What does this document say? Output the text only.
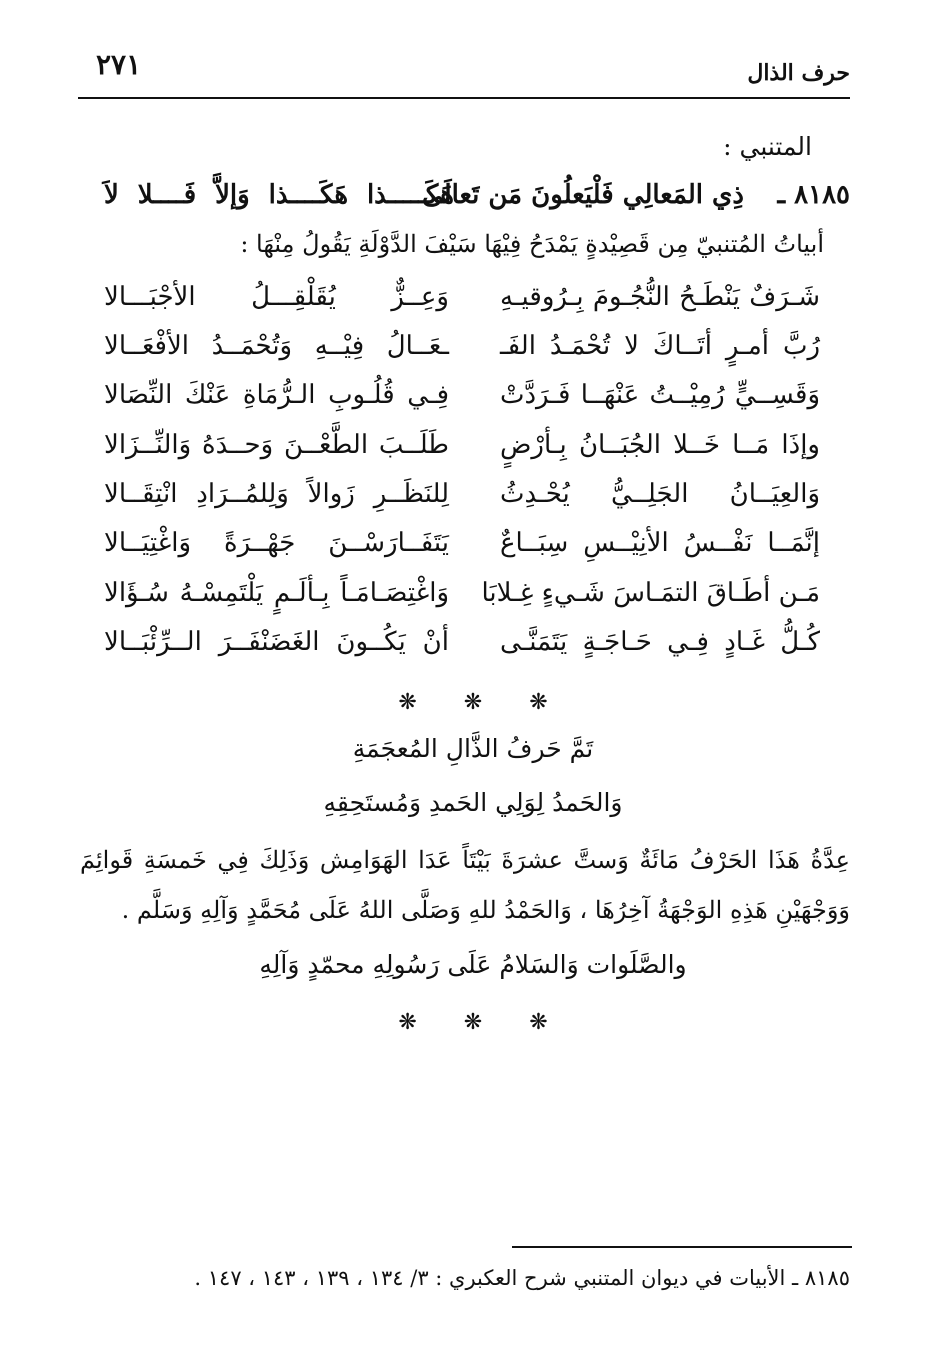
حرف الذال
٢٧١
المتنبي :
٨١٨٥ ـ
ذِي المَعالِي فَلْيَعلُونَ مَن تَعالَى
هَكَـــــذا هَكَــــذا وَإلاَّ فَــــلا لاَ
أبياتُ المُتنبيّ مِن قَصِيْدةٍ يَمْدَحُ فِيْهَا سَيْفَ الدَّوْلَةِ يَقُولُ مِنْهَا :
شَـرَفٌ يَنْطَـحُ النُّجُـومَ بِـرُوقيـهِ
وَعِــزٌّ يُقَلْقِـــلُ الأجْبَـــالا
رُبَّ أمـرٍ أتَــاكَ لا تُحْمَـدُ الفَـ
ـعَــالُ فِيْــهِ وَتُحْمَــدُ الأفْعَــالا
وَقَسِــيٍّ رُمِيْــتُ عَنْهَــا فَـرَدَّتْ
فِـي قُلُـوبِ الـرُّمَاةِ عَنْكَ النِّصَالا
وإذَا مَــا خَــلا الجُبَــانُ بِـأرْضٍ
طَلَــبَ الطَّعْــنَ وَحــدَهُ وَالنِّــزَالا
وَالعِيَــانُ الجَلِــيُّ يُحْـدِثُ
لِلنَظَــرِ زَوالاً وَلِلمُــرَادِ انْتِقَــالا
إنَّمَــا نَفْــسُ الأنِيْــسِ سِبَــاعٌ
يَتَفَــارَسْــنَ جَهْــرَةً وَاغْتِيَــالا
مَـن أطَـاقَ التمَـاسَ شَـيءٍ غِـلابَا
وَاغْتِصَـامَـاً بِـألَـمٍ يَلْتَمِسْـهُ سُـؤَالا
كُـلُّ غَـادٍ فِـي حَـاجَـةٍ يَتَمَنَّـى
أنْ يَكُــونَ الغَضَنْفَــرَ الــرِّئْبَــالا
❋ ❋ ❋
تَمَّ حَرفُ الذَّالِ المُعجَمَةِ
وَالحَمدُ لِوَلِي الحَمدِ وَمُستَحِقِهِ
عِدَّةُ هَذَا الحَرْفُ مَائَةٌ وَستَّ عشرَةَ بَيْتَاً عَدَا الهَوَامِش وَذَلِكَ فِي خَمسَةِ قَوائِمَ
وَوَجْهَيْنِ هَذِهِ الوَجْهَةُ آخِرُهَا ، وَالحَمْدُ للهِ وَصَلَّى اللهُ عَلَى مُحَمَّدٍ وَآلِهِ وَسَلَّم .
والصَّلَوات وَالسَلامُ عَلَى رَسُولِهِ محمّدٍ وَآلِهِ
❋ ❋ ❋
٨١٨٥ ـ الأبيات في ديوان المتنبي شرح العكبري : ٣/ ١٣٤ ، ١٣٩ ، ١٤٣ ، ١٤٧ .
